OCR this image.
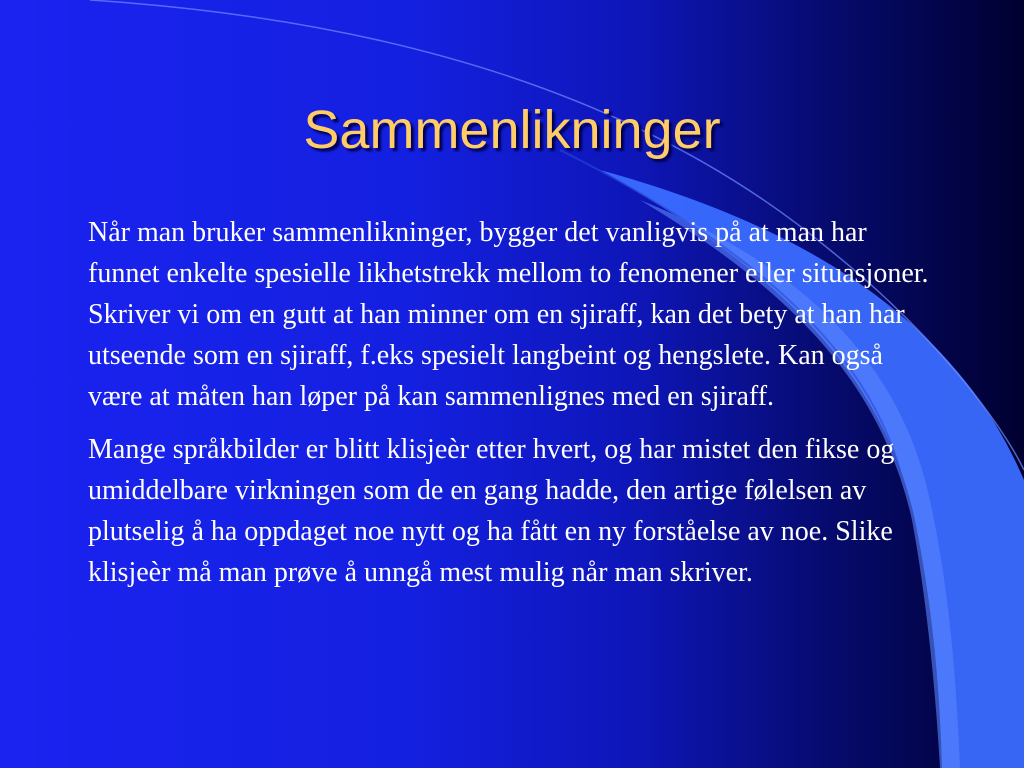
Sammenlikninger

Når man bruker sammenlikninger, bygger det vanligvis på at man har funnet enkelte spesielle likhetstrekk mellom to fenomener eller situasjoner. Skriver vi om en gutt at han minner om en sjiraff, kan det bety at han har utseende som en sjiraff, f.eks spesielt langbeint og hengslete. Kan også være at måten han løper på kan sammenlignes med en sjiraff.

Mange språkbilder er blitt klisjeèr etter hvert, og har mistet den fikse og umiddelbare virkningen som de en gang hadde, den artige følelsen av plutselig å ha oppdaget noe nytt og ha fått en ny forståelse av noe. Slike klisjeèr må man prøve å unngå mest mulig når man skriver.
